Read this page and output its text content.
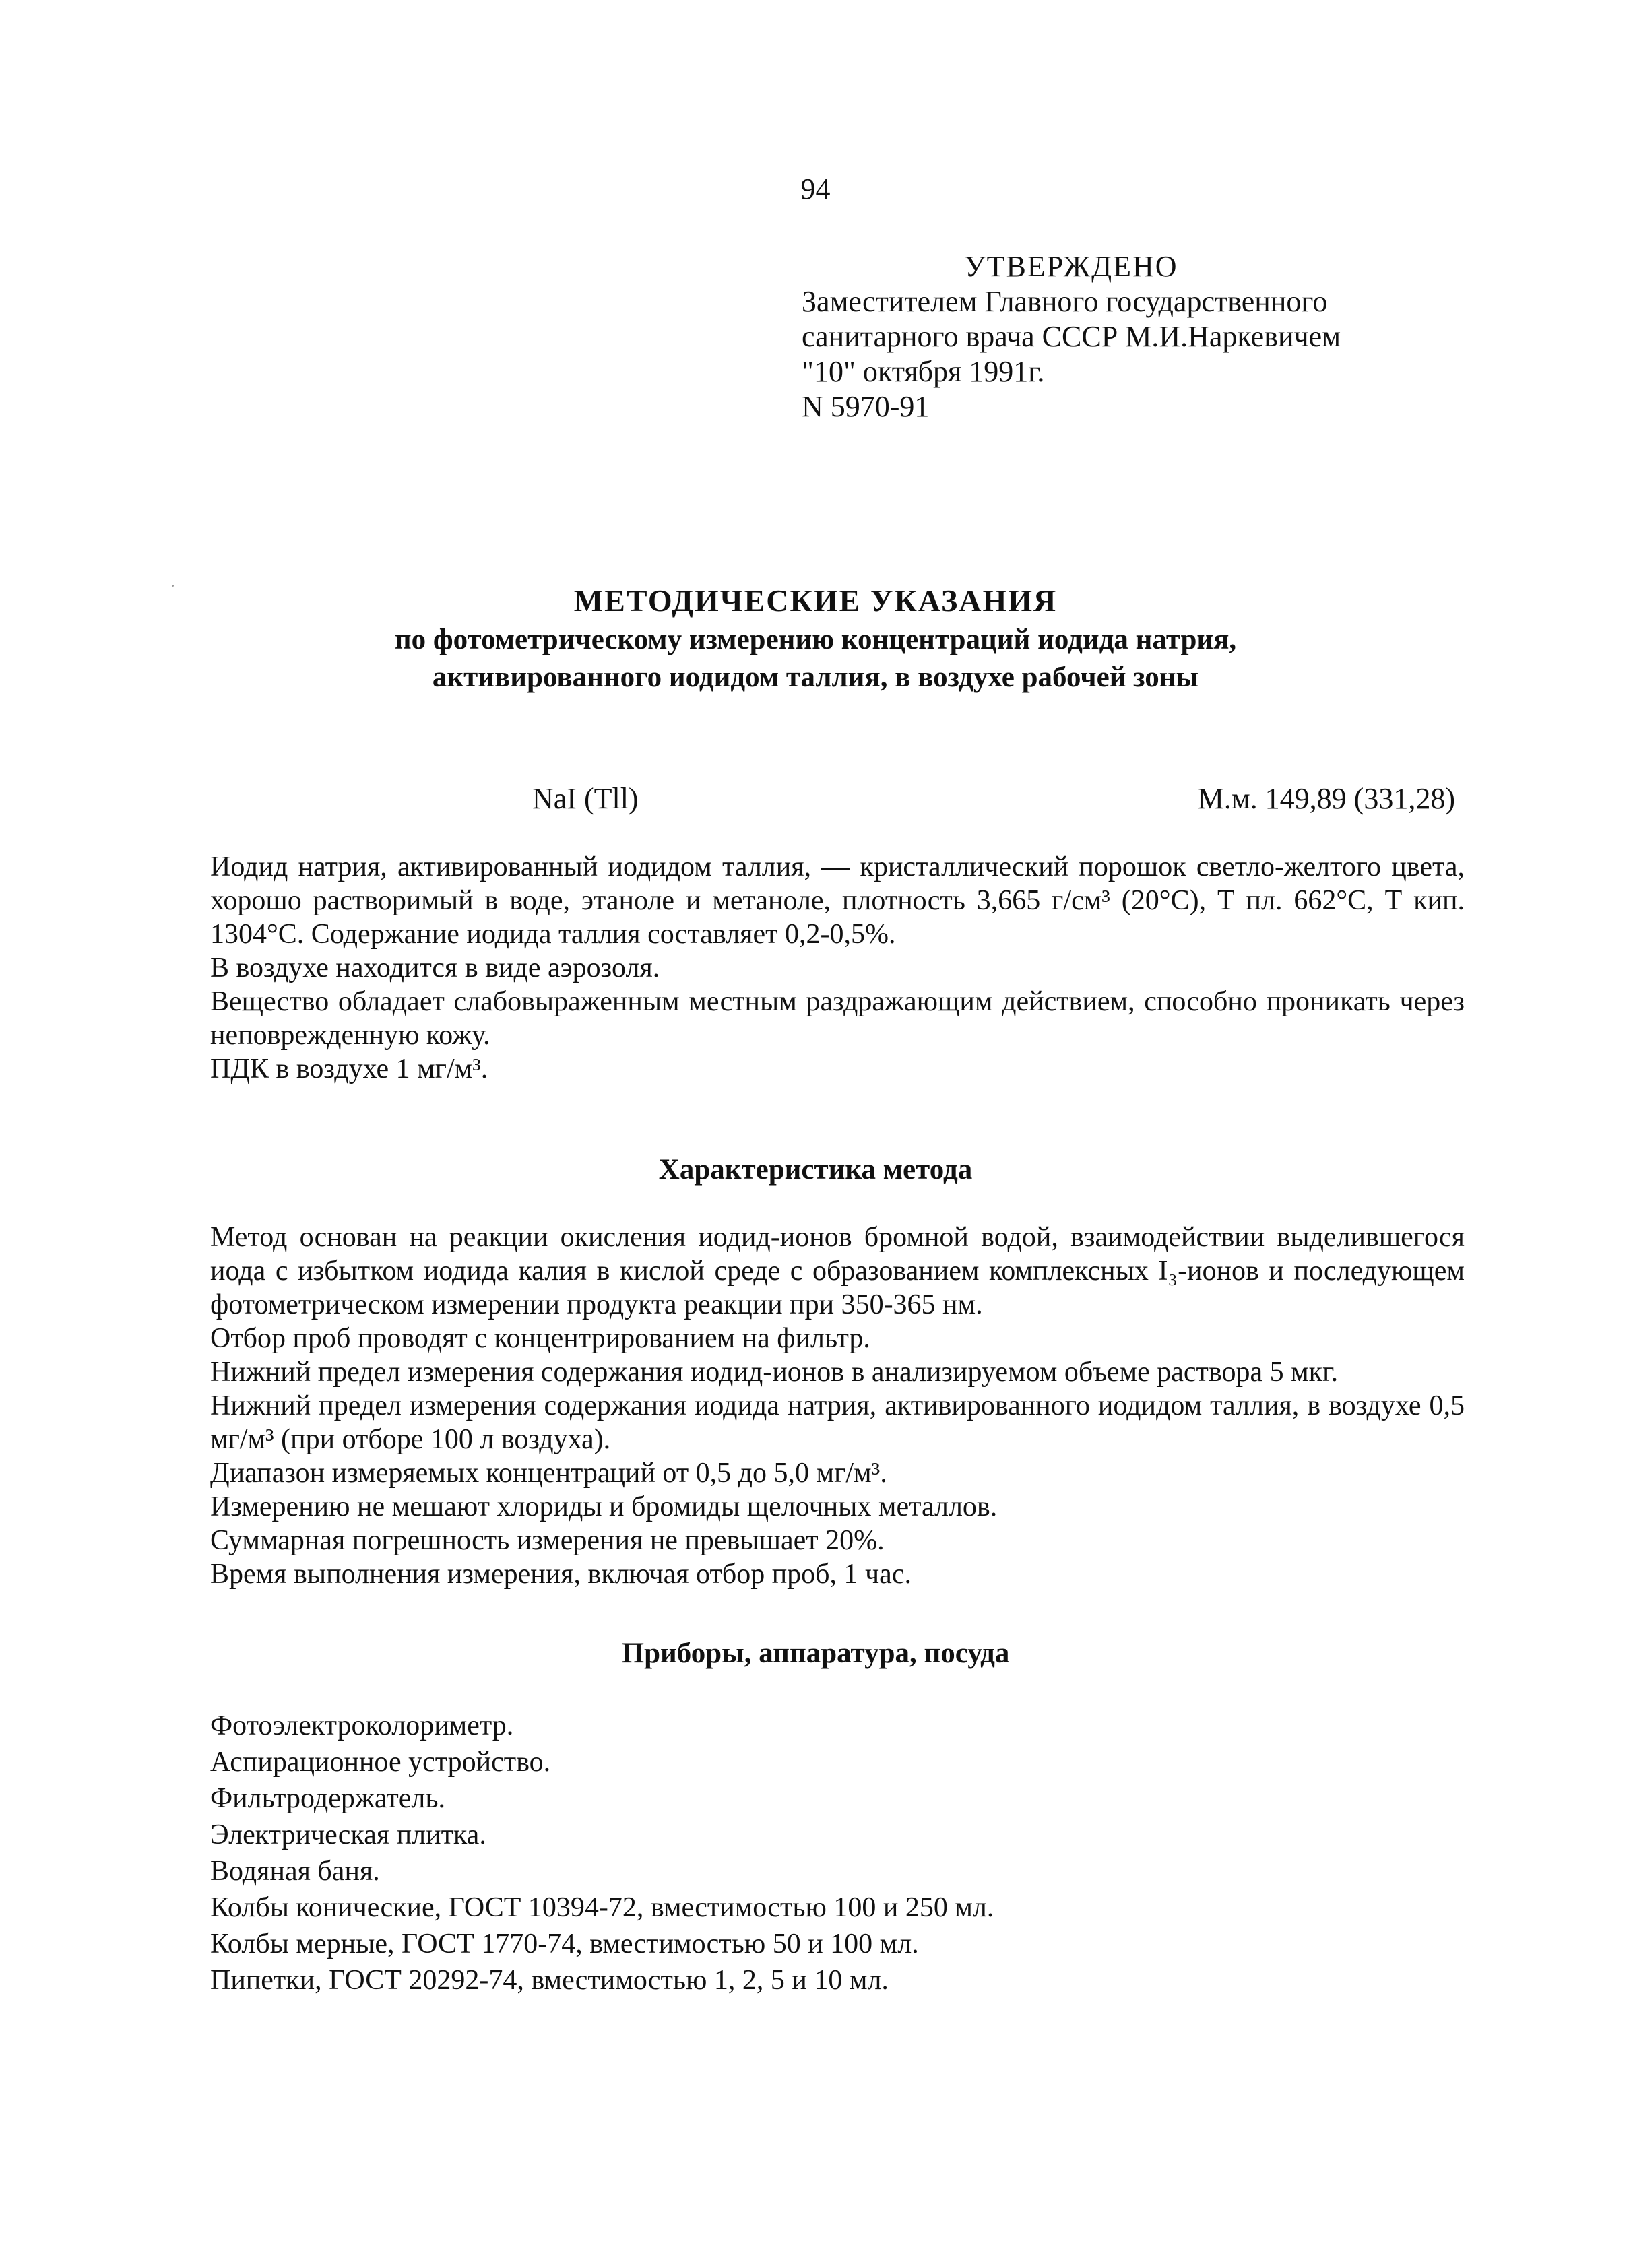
94
УТВЕРЖДЕНО
Заместителем Главного государственного
санитарного врача СССР М.И.Наркевичем
"10" октября 1991г.
N 5970-91
МЕТОДИЧЕСКИЕ УКАЗАНИЯ
по фотометрическому измерению концентраций иодида натрия,
активированного иодидом таллия, в воздухе рабочей зоны
NaI (Tll)	М.м. 149,89 (331,28)

Иодид натрия, активированный иодидом таллия, — кристаллический порошок светло-желтого цвета, хорошо растворимый в воде, этаноле и метаноле, плотность 3,665 г/см³ (20°С), Т пл. 662°С, Т кип. 1304°С. Содержание иодида таллия составляет 0,2-0,5%.

В воздухе находится в виде аэрозоля.

Вещество обладает слабовыраженным местным раздражающим действием, способно проникать через неповрежденную кожу.

ПДК в воздухе 1 мг/м³.

Характеристика метода

Метод основан на реакции окисления иодид-ионов бромной водой, взаимодействии выделившегося иода с избытком иодида калия в кислой среде с образованием комплексных I₃-ионов и последующем фотометрическом измерении продукта реакции при 350-365 нм.

Отбор проб проводят с концентрированием на фильтр.

Нижний предел измерения содержания иодид-ионов в анализируемом объеме раствора 5 мкг.

Нижний предел измерения содержания иодида натрия, активированного иодидом таллия, в воздухе 0,5 мг/м³ (при отборе 100 л воздуха).

Диапазон измеряемых концентраций от 0,5 до 5,0 мг/м³.

Измерению не мешают хлориды и бромиды щелочных металлов.

Суммарная погрешность измерения не превышает 20%.

Время выполнения измерения, включая отбор проб, 1 час.

Приборы, аппаратура, посуда
Фотоэлектроколориметр.
Аспирационное устройство.
Фильтродержатель.
Электрическая плитка.
Водяная баня.
Колбы конические, ГОСТ 10394-72, вместимостью 100 и 250 мл.
Колбы мерные, ГОСТ 1770-74, вместимостью 50 и 100 мл.
Пипетки, ГОСТ 20292-74, вместимостью 1, 2, 5 и 10 мл.
